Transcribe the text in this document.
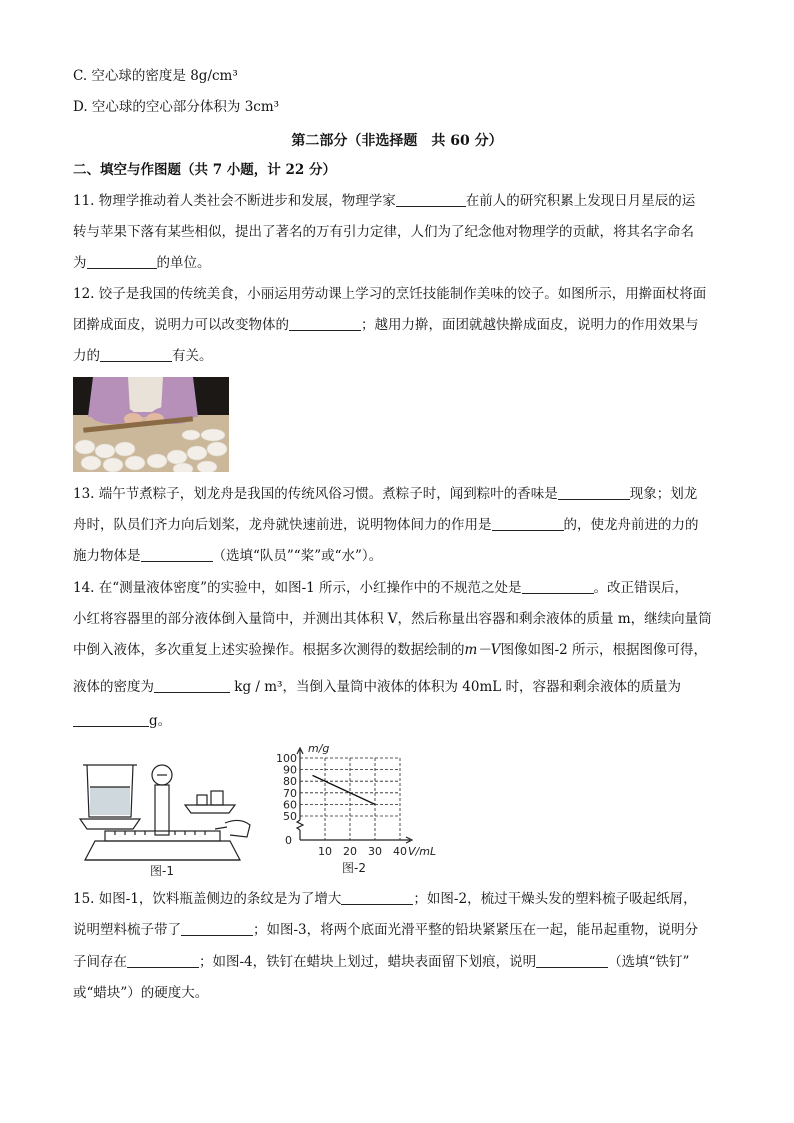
C. 空心球的密度是 8g/cm³
D. 空心球的空心部分体积为 3cm³
第二部分（非选择题　共 60 分）
二、填空与作图题（共 7 小题，计 22 分）
11. 物理学推动着人类社会不断进步和发展，物理学家	在前人的研究积累上发现日月星辰的运
转与苹果下落有某些相似，提出了著名的万有引力定律，人们为了纪念他对物理学的贡献，将其名字命名
为	的单位。
12. 饺子是我国的传统美食，小丽运用劳动课上学习的烹饪技能制作美味的饺子。如图所示，用擀面杖将面
团擀成面皮，说明力可以改变物体的	；越用力擀，面团就越快擀成面皮，说明力的作用效果与
力的	有关。
13. 端午节煮粽子，划龙舟是我国的传统风俗习惯。煮粽子时，闻到粽叶的香味是	现象；划龙
舟时，队员们齐力向后划桨，龙舟就快速前进，说明物体间力的作用是	的，使龙舟前进的力的
施力物体是	（选填“队员”“桨”或“水”）。
14. 在“测量液体密度”的实验中，如图-1 所示，小红操作中的不规范之处是	。改正错误后，
小红将容器里的部分液体倒入量筒中，并测出其体积 V，然后称量出容器和剩余液体的质量 m，继续向量筒
中倒入液体，多次重复上述实验操作。根据多次测得的数据绘制的m－V图像如图-2 所示，根据图像可得，
液体的密度为	kg / m³，当倒入量筒中液体的体积为 40mL 时，容器和剩余液体的质量为
g。
图-1
50
60
70
80
90
100
10 20 30 40
0
m/g
V/mL
图-2
15. 如图-1，饮料瓶盖侧边的条纹是为了增大	；如图-2，梳过干燥头发的塑料梳子吸起纸屑，
说明塑料梳子带了	；如图-3，将两个底面光滑平整的铅块紧紧压在一起，能吊起重物，说明分
子间存在	；如图-4，铁钉在蜡块上划过，蜡块表面留下划痕，说明	（选填“铁钉”
或“蜡块”）的硬度大。
